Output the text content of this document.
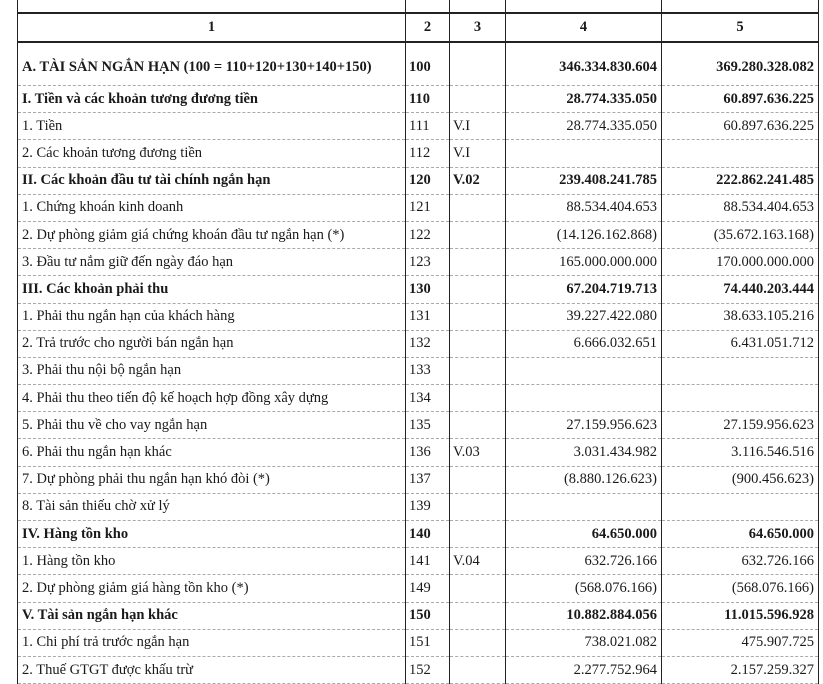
1	2	3	4	5
A. TÀI SẢN NGẮN HẠN (100 = 110+120+130+140+150)	100		346.334.830.604	369.280.328.082
I. Tiền và các khoản tương đương tiền	110		28.774.335.050	60.897.636.225
1. Tiền	111	V.I	28.774.335.050	60.897.636.225
2. Các khoản tương đương tiền	112	V.I		
II. Các khoản đầu tư tài chính ngắn hạn	120	V.02	239.408.241.785	222.862.241.485
1. Chứng khoán kinh doanh	121		88.534.404.653	88.534.404.653
2. Dự phòng giảm giá chứng khoán đầu tư ngắn hạn (*)	122		(14.126.162.868)	(35.672.163.168)
3. Đầu tư nắm giữ đến ngày đáo hạn	123		165.000.000.000	170.000.000.000
III. Các khoản phải thu	130		67.204.719.713	74.440.203.444
1. Phải thu ngắn hạn của khách hàng	131		39.227.422.080	38.633.105.216
2. Trả trước cho người bán ngắn hạn	132		6.666.032.651	6.431.051.712
3. Phải thu nội bộ ngắn hạn	133			
4. Phải thu theo tiến độ kế hoạch hợp đồng xây dựng	134			
5. Phải thu về cho vay ngắn hạn	135		27.159.956.623	27.159.956.623
6. Phải thu ngắn hạn khác	136	V.03	3.031.434.982	3.116.546.516
7. Dự phòng phải thu ngắn hạn khó đòi (*)	137		(8.880.126.623)	(900.456.623)
8. Tài sản thiếu chờ xử lý	139			
IV. Hàng tồn kho	140		64.650.000	64.650.000
1. Hàng tồn kho	141	V.04	632.726.166	632.726.166
2. Dự phòng giảm giá hàng tồn kho (*)	149		(568.076.166)	(568.076.166)
V. Tài sản ngắn hạn khác	150		10.882.884.056	11.015.596.928
1. Chi phí trả trước ngắn hạn	151		738.021.082	475.907.725
2. Thuế GTGT được khấu trừ	152		2.277.752.964	2.157.259.327
